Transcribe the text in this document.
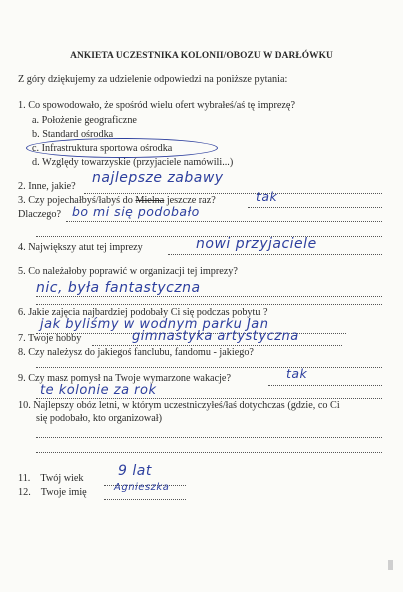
ANKIETA UCZESTNIKA KOLONII/OBOZU W DARŁÓWKU
Z góry dziękujemy za udzielenie odpowiedzi na poniższe pytania:
1. Co spowodowało, że spośród wielu ofert wybrałeś/aś tę imprezę?
a. Położenie geograficzne
b. Standard ośrodka
c. Infrastruktura sportowa ośrodka
d. Względy towarzyskie (przyjaciele namówili...)
2. Inne, jakie?
najlepsze zabawy
3. Czy pojechałbyś/łabyś do Mielna jeszcze raz?	tak
Dlaczego? bo mi się podobało
4. Największy atut tej imprezy	nowi przyjaciele
5. Co należałoby poprawić w organizacji tej imprezy?
nic, była fantastyczna
6. Jakie zajęcia najbardziej podobały Ci się podczas pobytu ?
jak byliśmy w wodnym parku Jan
7. Twoje hobby	gimnastyka artystyczna
8. Czy należysz do jakiegoś fanclubu, fandomu - jakiego?
9. Czy masz pomysł na Twoje wymarzone wakacje?	tak
te kolonie za rok
10. Najlepszy obóz letni, w którym uczestniczyłeś/łaś dotychczas (gdzie, co Ci
się podobało, kto organizował)
11.    Twój wiek 9 lat
12.    Twoje imię	Agnieszka
